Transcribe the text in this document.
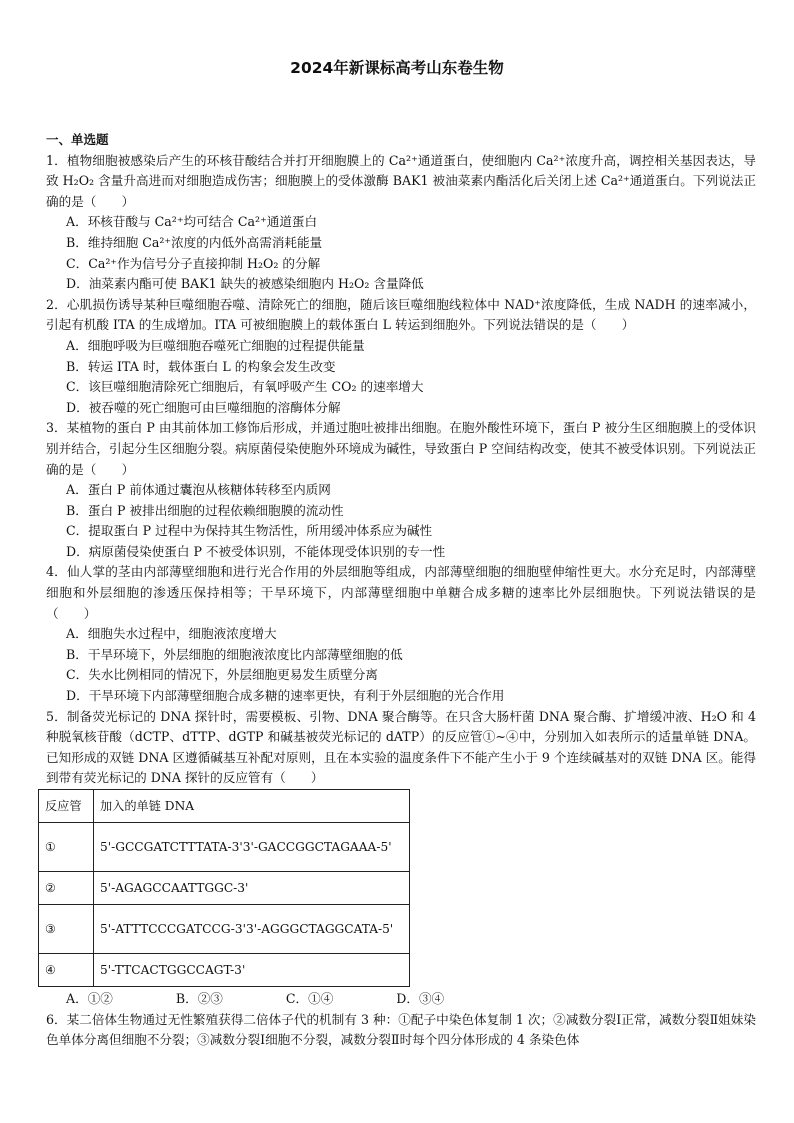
2024年新课标高考山东卷生物
一、单选题

1．植物细胞被感染后产生的环核苷酸结合并打开细胞膜上的 Ca²⁺通道蛋白，使细胞内 Ca²⁺浓度升高，调控相关基因表达，导致 H₂O₂ 含量升高进而对细胞造成伤害；细胞膜上的受体激酶 BAK1 被油菜素内酯活化后关闭上述 Ca²⁺通道蛋白。下列说法正确的是（　　）

A．环核苷酸与 Ca²⁺均可结合 Ca²⁺通道蛋白

B．维持细胞 Ca²⁺浓度的内低外高需消耗能量

C．Ca²⁺作为信号分子直接抑制 H₂O₂ 的分解

D．油菜素内酯可使 BAK1 缺失的被感染细胞内 H₂O₂ 含量降低

2．心肌损伤诱导某种巨噬细胞吞噬、清除死亡的细胞，随后该巨噬细胞线粒体中 NAD⁺浓度降低，生成 NADH 的速率减小，引起有机酸 ITA 的生成增加。ITA 可被细胞膜上的载体蛋白 L 转运到细胞外。下列说法错误的是（　　）

A．细胞呼吸为巨噬细胞吞噬死亡细胞的过程提供能量

B．转运 ITA 时，载体蛋白 L 的构象会发生改变

C．该巨噬细胞清除死亡细胞后，有氧呼吸产生 CO₂ 的速率增大

D．被吞噬的死亡细胞可由巨噬细胞的溶酶体分解

3．某植物的蛋白 P 由其前体加工修饰后形成，并通过胞吐被排出细胞。在胞外酸性环境下，蛋白 P 被分生区细胞膜上的受体识别并结合，引起分生区细胞分裂。病原菌侵染使胞外环境成为碱性，导致蛋白 P 空间结构改变，使其不被受体识别。下列说法正确的是（　　）

A．蛋白 P 前体通过囊泡从核糖体转移至内质网

B．蛋白 P 被排出细胞的过程依赖细胞膜的流动性

C．提取蛋白 P 过程中为保持其生物活性，所用缓冲体系应为碱性

D．病原菌侵染使蛋白 P 不被受体识别，不能体现受体识别的专一性

4．仙人掌的茎由内部薄壁细胞和进行光合作用的外层细胞等组成，内部薄壁细胞的细胞壁伸缩性更大。水分充足时，内部薄壁细胞和外层细胞的渗透压保持相等；干旱环境下，内部薄壁细胞中单糖合成多糖的速率比外层细胞快。下列说法错误的是（　　）

A．细胞失水过程中，细胞液浓度增大

B．干旱环境下，外层细胞的细胞液浓度比内部薄壁细胞的低

C．失水比例相同的情况下，外层细胞更易发生质壁分离

D．干旱环境下内部薄壁细胞合成多糖的速率更快，有利于外层细胞的光合作用

5．制备荧光标记的 DNA 探针时，需要模板、引物、DNA 聚合酶等。在只含大肠杆菌 DNA 聚合酶、扩增缓冲液、H₂O 和 4 种脱氧核苷酸（dCTP、dTTP、dGTP 和碱基被荧光标记的 dATP）的反应管①~④中，分别加入如表所示的适量单链 DNA。已知形成的双链 DNA 区遵循碱基互补配对原则，且在本实验的温度条件下不能产生小于 9 个连续碱基对的双链 DNA 区。能得到带有荧光标记的 DNA 探针的反应管有（　　）

反应管	加入的单链 DNA
①	5'-GCCGATCTTTATA-3'3'-GACCGGCTAGAAA-5'
②	5'-AGAGCCAATTGGC-3'
③	5'-ATTTCCCGATCCG-3'3'-AGGGCTAGGCATA-5'
④	5'-TTCACTGGCCAGT-3'

A．①②　　　　　	B．②③　　　　　	C．①④　　　　　	D．③④

6．某二倍体生物通过无性繁殖获得二倍体子代的机制有 3 种：①配子中染色体复制 1 次；②减数分裂Ⅰ正常，减数分裂Ⅱ姐妹染色单体分离但细胞不分裂；③减数分裂Ⅰ细胞不分裂，减数分裂Ⅱ时每个四分体形成的 4 条染色体
